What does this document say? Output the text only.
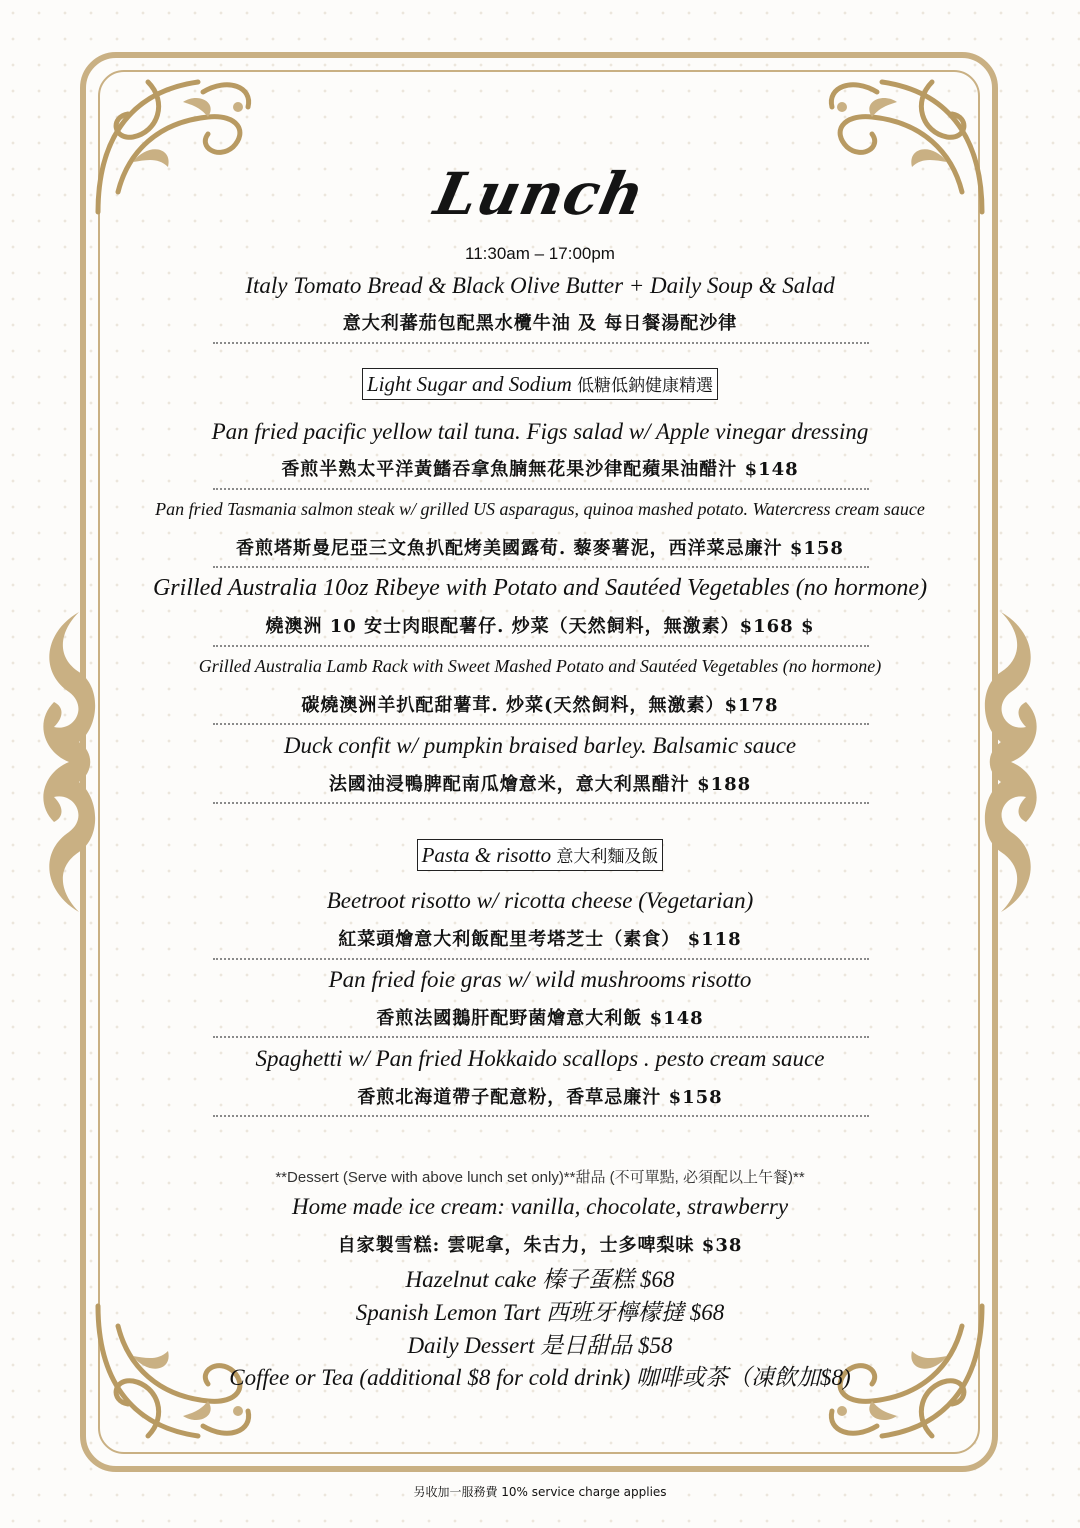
Lunch
11:30am – 17:00pm
Italy Tomato Bread & Black Olive Butter + Daily Soup & Salad
意大利蕃茄包配黑水欖牛油 及 每日餐湯配沙律
Light Sugar and Sodium 低糖低鈉健康精選
Pan fried pacific yellow tail tuna. Figs salad w/ Apple vinegar dressing
香煎半熟太平洋黃鰭吞拿魚腩無花果沙律配蘋果油醋汁 $148
Pan fried Tasmania salmon steak w/ grilled US asparagus, quinoa mashed potato. Watercress cream sauce
香煎塔斯曼尼亞三文魚扒配烤美國露荀. 藜麥薯泥，西洋菜忌廉汁 $158
Grilled Australia 10oz Ribeye with Potato and Sautéed Vegetables (no hormone)
燒澳洲 10 安士肉眼配薯仔. 炒菜（天然飼料，無激素）$168 $
Grilled Australia Lamb Rack with Sweet Mashed Potato and Sautéed Vegetables (no hormone)
碳燒澳洲羊扒配甜薯茸. 炒菜(天然飼料，無激素）$178
Duck confit w/ pumpkin braised barley. Balsamic sauce
法國油浸鴨脾配南瓜燴意米，意大利黑醋汁 $188
Pasta & risotto 意大利麵及飯
Beetroot risotto w/ ricotta cheese (Vegetarian)
紅菜頭燴意大利飯配里考塔芝士（素食） $118
Pan fried foie gras w/ wild mushrooms risotto
香煎法國鵝肝配野菌燴意大利飯 $148
Spaghetti w/ Pan fried Hokkaido scallops . pesto cream sauce
香煎北海道帶子配意粉，香草忌廉汁 $158
**Dessert (Serve with above lunch set only)**甜品 (不可單點, 必須配以上午餐)**
Home made ice cream: vanilla, chocolate, strawberry
自家製雪糕: 雲呢拿，朱古力，士多啤梨味 $38
Hazelnut cake 榛子蛋糕 $68
Spanish Lemon Tart 西班牙檸檬撻 $68
Daily Dessert 是日甜品 $58
Coffee or Tea (additional $8 for cold drink) 咖啡或茶（凍飲加$8)
另收加一服務費 10% service charge applies
